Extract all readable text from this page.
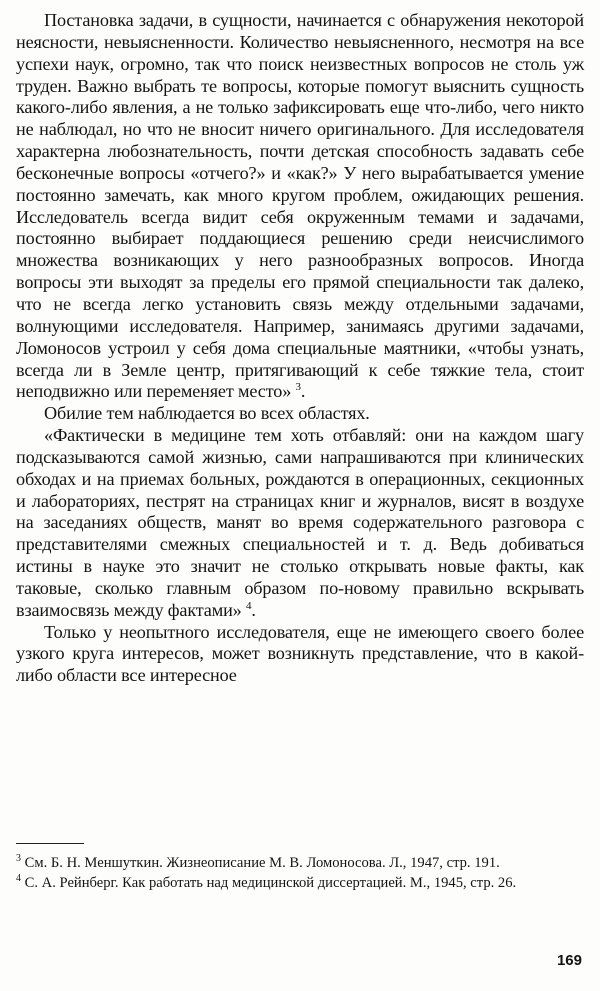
Постановка задачи, в сущности, начинается с обнаружения некоторой неясности, невыясненности. Количество невыясненного, несмотря на все успехи наук, огромно, так что поиск неизвестных вопросов не столь уж труден. Важно выбрать те вопросы, которые помогут выяснить сущность какого-либо явления, а не только зафиксировать еще что-либо, чего никто не наблюдал, но что не вносит ничего оригинального. Для исследователя характерна любознательность, почти детская способность задавать себе бесконечные вопросы «отчего?» и «как?» У него вырабатывается умение постоянно замечать, как много кругом проблем, ожидающих решения. Исследователь всегда видит себя окруженным темами и задачами, постоянно выбирает поддающиеся решению среди неисчислимого множества возникающих у него разнообразных вопросов. Иногда вопросы эти выходят за пределы его прямой специальности так далеко, что не всегда легко установить связь между отдельными задачами, волнующими исследователя. Например, занимаясь другими задачами, Ломоносов устроил у себя дома специальные маятники, «чтобы узнать, всегда ли в Земле центр, притягивающий к себе тяжкие тела, стоит неподвижно или переменяет место» $^3$.

Обилие тем наблюдается во всех областях.

«Фактически в медицине тем хоть отбавляй: они на каждом шагу подсказываются самой жизнью, сами напрашиваются при клинических обходах и на приемах больных, рождаются в операционных, секционных и лабораториях, пестрят на страницах книг и журналов, висят в воздухе на заседаниях обществ, манят во время содержательного разговора с представителями смежных специальностей и т. д. Ведь добиваться истины в науке это значит не столько открывать новые факты, как таковые, сколько главным образом по-новому правильно вскрывать взаимосвязь между фактами» $^4$.

Только у неопытного исследователя, еще не имеющего своего более узкого круга интересов, может возникнуть представление, что в какой-либо области все интересное

$^3$ См. Б. Н. Меншуткин. Жизнеописание М. В. Ломоносова. Л., 1947, стр. 191.

$^4$ С. А. Рейнберг. Как работать над медицинской диссертацией. М., 1945, стр. 26.

169
